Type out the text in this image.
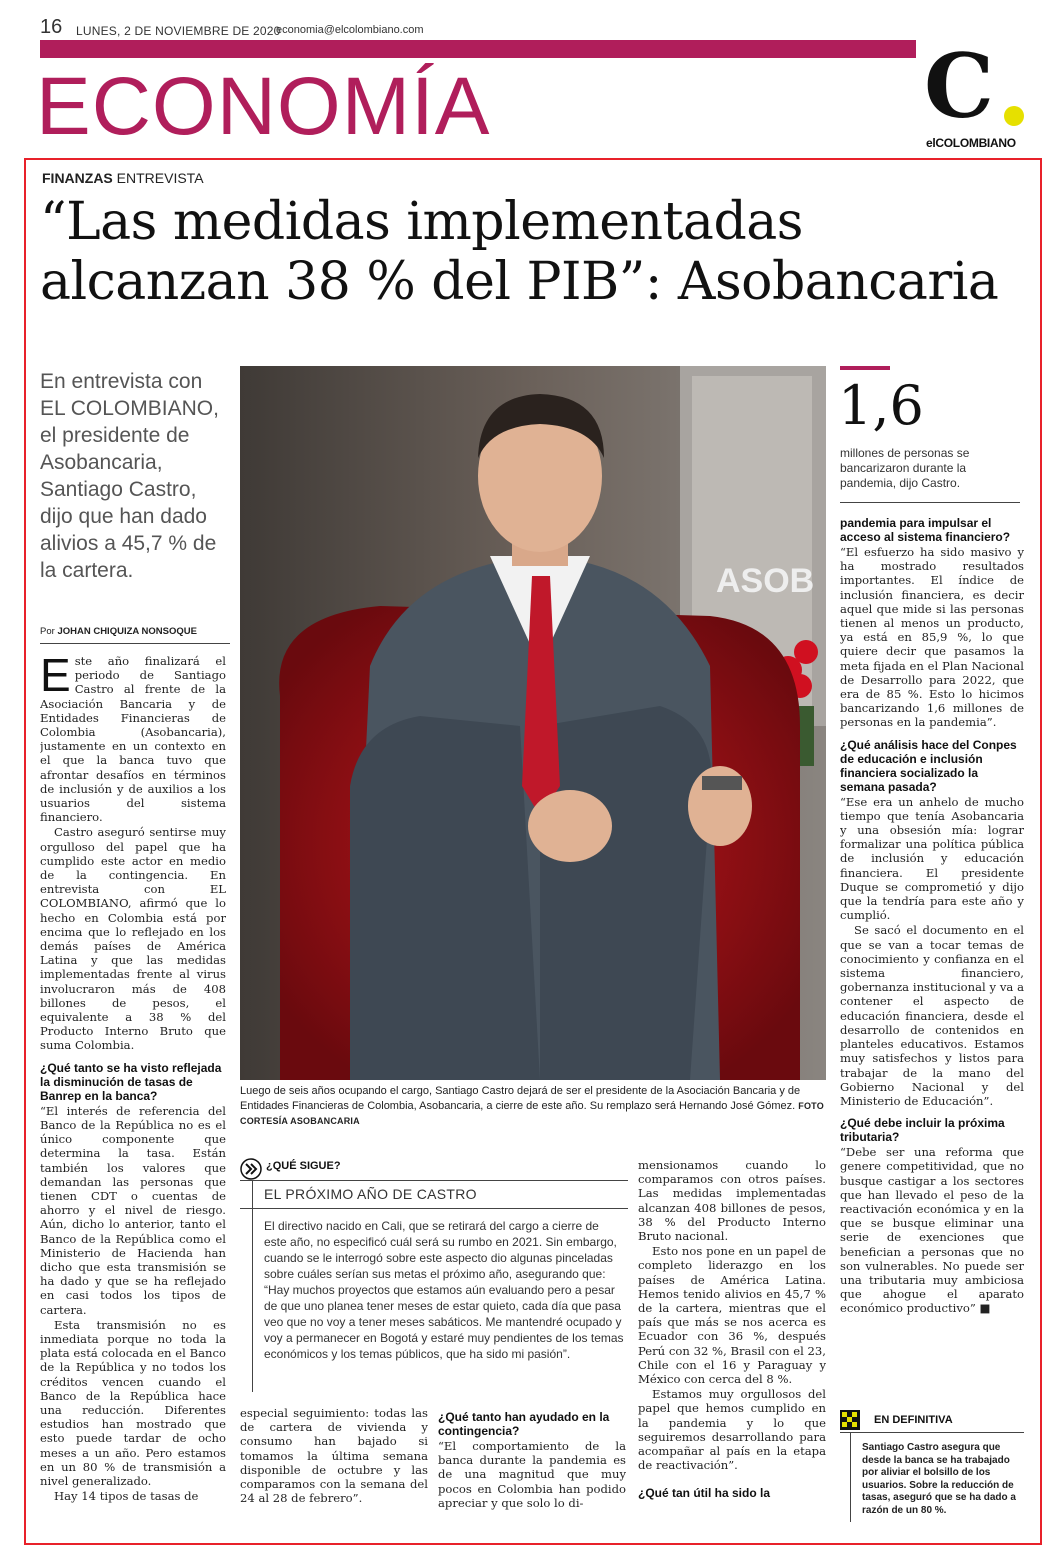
16 LUNES, 2 DE NOVIEMBRE DE 2020
economia@elcolombiano.com
ECONOMÍA	C
elCOLOMBIANO
FINANZAS ENTREVISTA
“Las medidas implementadas alcanzan 38 % del PIB”: Asobancaria
En entrevista con EL COLOMBIANO, el presidente de Asobancaria, Santiago Castro, dijo que han dado alivios a 45,7 % de la cartera.
Por JOHAN CHIQUIZA NONSOQUE
ASOB
Luego de seis años ocupando el cargo, Santiago Castro dejará de ser el presidente de la Asociación Bancaria y de Entidades Financieras de Colombia, Asobancaria, a cierre de este año. Su remplazo será Hernando José Gómez. FOTO CORTESÍA ASOBANCARIA
1,6
millones de personas se bancarizaron durante la pandemia, dijo Castro.

Este año finalizará el periodo de Santiago Castro al frente de la Asociación Bancaria y de Entidades Financieras de Colombia (Asobancaria), justamente en un contexto en el que la banca tuvo que afrontar desafíos en términos de inclusión y de auxilios a los usuarios del sistema financiero.

Castro aseguró sentirse muy orgulloso del papel que ha cumplido este actor en medio de la contingencia. En entrevista con EL COLOMBIANO, afirmó que lo hecho en Colombia está por encima que lo reflejado en los demás países de América Latina y que las medidas implementadas frente al virus involucraron más de 408 billones de pesos, el equivalente a 38 % del Producto Interno Bruto que suma Colombia.

¿Qué tanto se ha visto reflejada la disminución de tasas de Banrep en la banca?

“El interés de referencia del Banco de la República no es el único componente que determina la tasa. Están también los valores que demandan las personas que tienen CDT o cuentas de ahorro y el nivel de riesgo. Aún, dicho lo anterior, tanto el Banco de la República como el Ministerio de Hacienda han dicho que esta transmisión se ha dado y que se ha reflejado en casi todos los tipos de cartera.

Esta transmisión no es inmediata porque no toda la plata está colocada en el Banco de la República y no todos los créditos vencen cuando el Banco de la República hace una reducción. Diferentes estudios han mostrado que esto puede tardar de ocho meses a un año. Pero estamos en un 80 % de transmisión a nivel generalizado.

Hay 14 tipos de tasas de

¿QUÉ SIGUE?
EL PRÓXIMO AÑO DE CASTRO
El directivo nacido en Cali, que se retirará del cargo a cierre de este año, no especificó cuál será su rumbo en 2021. Sin embargo, cuando se le interrogó sobre este aspecto dio algunas pinceladas sobre cuáles serían sus metas el próximo año, asegurando que: “Hay muchos proyectos que estamos aún evaluando pero a pesar de que uno planea tener meses de estar quieto, cada día que pasa veo que no voy a tener meses sabáticos. Me mantendré ocupado y voy a permanecer en Bogotá y estaré muy pendientes de los temas económicos y los temas públicos, que ha sido mi pasión”.

especial seguimiento: todas las de cartera de vivienda y consumo han bajado si tomamos la última semana disponible de octubre y las comparamos con la semana del 24 al 28 de febrero”.

¿Qué tanto han ayudado en la contingencia?

“El comportamiento de la banca durante la pandemia es de una magnitud que muy pocos en Colombia han podido apreciar y que solo lo di-

mensionamos cuando lo comparamos con otros países. Las medidas implementadas alcanzan 408 billones de pesos, 38 % del Producto Interno Bruto nacional.

Esto nos pone en un papel de completo liderazgo en los países de América Latina. Hemos tenido alivios en 45,7 % de la cartera, mientras que el país que más se nos acerca es Ecuador con 36 %, después Perú con 32 %, Brasil con el 23, Chile con el 16 y Paraguay y México con cerca del 8 %.

Estamos muy orgullosos del papel que hemos cumplido en la pandemia y lo que seguiremos desarrollando para acompañar al país en la etapa de reactivación”.

¿Qué tan útil ha sido la
pandemia para impulsar el acceso al sistema financiero?

“El esfuerzo ha sido masivo y ha mostrado resultados importantes. El índice de inclusión financiera, es decir aquel que mide si las personas tienen al menos un producto, ya está en 85,9 %, lo que quiere decir que pasamos la meta fijada en el Plan Nacional de Desarrollo para 2022, que era de 85 %. Esto lo hicimos bancarizando 1,6 millones de personas en la pandemia”.

¿Qué análisis hace del Conpes de educación e inclusión financiera socializado la semana pasada?

“Ese era un anhelo de mucho tiempo que tenía Asobancaria y una obsesión mía: lograr formalizar una política pública de inclusión y educación financiera. El presidente Duque se comprometió y dijo que la tendría para este año y cumplió.

Se sacó el documento en el que se van a tocar temas de conocimiento y confianza en el sistema financiero, gobernanza institucional y va a contener el aspecto de educación financiera, desde el desarrollo de contenidos en planteles educativos. Estamos muy satisfechos y listos para trabajar de la mano del Gobierno Nacional y del Ministerio de Educación”.

¿Qué debe incluir la próxima tributaria?

“Debe ser una reforma que genere competitividad, que no busque castigar a los sectores que han llevado el peso de la reactivación económica y en la que se busque eliminar una serie de exenciones que benefician a personas que no son vulnerables. No puede ser una tributaria muy ambiciosa que ahogue el aparato económico productivo” ■

EN DEFINITIVA
Santiago Castro asegura que desde la banca se ha trabajado por aliviar el bolsillo de los usuarios. Sobre la reducción de tasas, aseguró que se ha dado a razón de un 80 %.
